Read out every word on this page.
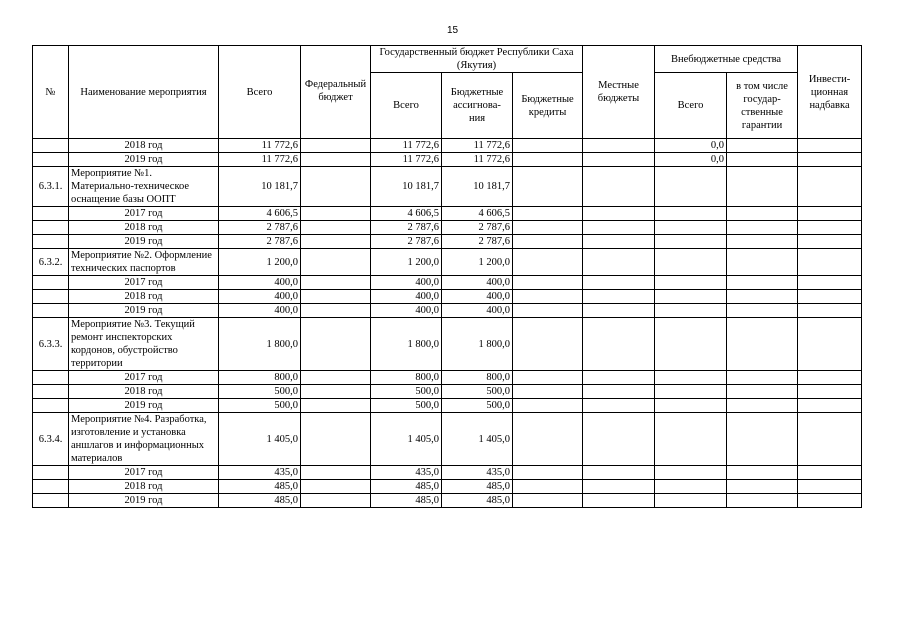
15
№	Наименование мероприятия	Всего	Федеральный бюджет	Государственный бюджет Республики Саха (Якутия)			Местные бюджеты	Внебюджетные средства		Инвести- ционная надбавка
				Всего	Бюджетные ассигнова- ния	Бюджетные кредиты		Всего	в том числе государ- ственные гарантии	
	2018 год	11 772,6		11 772,6	11 772,6			0,0		
	2019 год	11 772,6		11 772,6	11 772,6			0,0		
6.3.1.	Мероприятие №1. Материально-техническое оснащение базы ООПТ	10 181,7		10 181,7	10 181,7					
	2017 год	4 606,5		4 606,5	4 606,5					
	2018 год	2 787,6		2 787,6	2 787,6					
	2019 год	2 787,6		2 787,6	2 787,6					
6.3.2.	Мероприятие №2. Оформление технических паспортов	1 200,0		1 200,0	1 200,0					
	2017 год	400,0		400,0	400,0					
	2018 год	400,0		400,0	400,0					
	2019 год	400,0		400,0	400,0					
6.3.3.	Мероприятие №3. Текущий ремонт инспекторских кордонов, обустройство территории	1 800,0		1 800,0	1 800,0					
	2017 год	800,0		800,0	800,0					
	2018 год	500,0		500,0	500,0					
	2019 год	500,0		500,0	500,0					
6.3.4.	Мероприятие №4. Разработка, изготовление и установка аншлагов и информационных материалов	1 405,0		1 405,0	1 405,0					
	2017 год	435,0		435,0	435,0					
	2018 год	485,0		485,0	485,0					
	2019 год	485,0		485,0	485,0					
